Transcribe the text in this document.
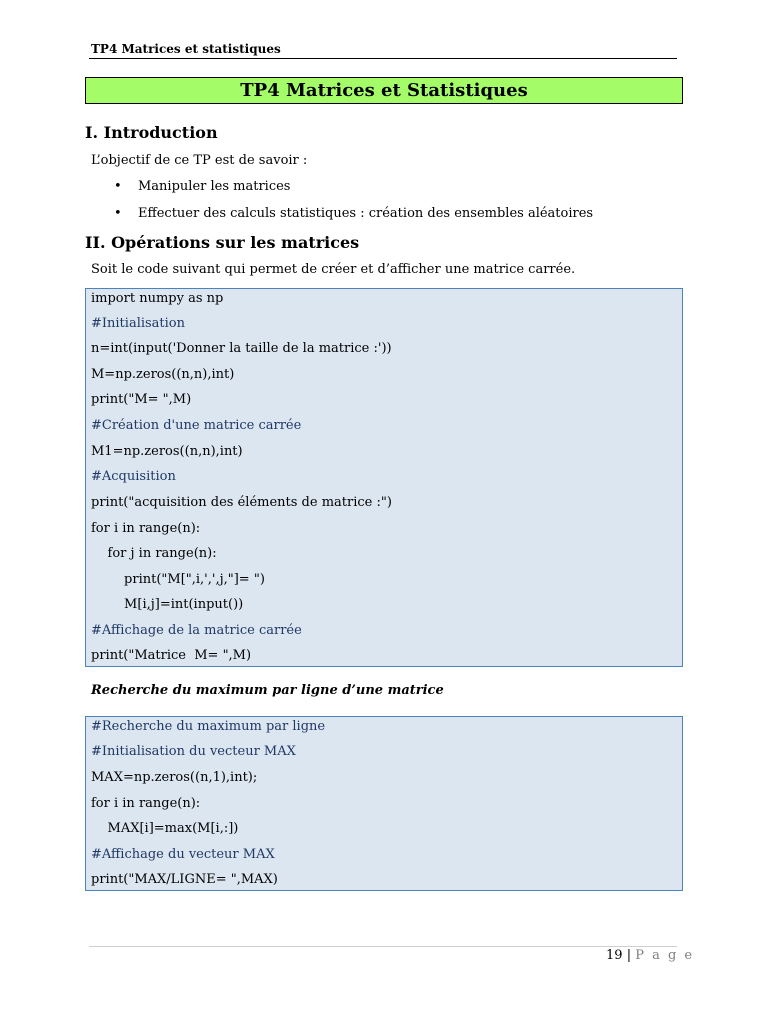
TP4 Matrices et statistiques
TP4 Matrices et Statistiques
I. Introduction
L’objectif de ce TP est de savoir :
• Manipuler les matrices
• Effectuer des calculs statistiques : création des ensembles aléatoires
II. Opérations sur les matrices
Soit le code suivant qui permet de créer et d’afficher une matrice carrée.
import numpy as np
#Initialisation
n=int(input('Donner la taille de la matrice :'))
M=np.zeros((n,n),int)
print("M= ",M)
#Création d'une matrice carrée
M1=np.zeros((n,n),int)
#Acquisition
print("acquisition des éléments de matrice :")
for i in range(n):
for j in range(n):
print("M[",i,',',j,"]= ")
M[i,j]=int(input())
#Affichage de la matrice carrée
print("Matrice  M= ",M)
Recherche du maximum par ligne d’une matrice
#Recherche du maximum par ligne
#Initialisation du vecteur MAX
MAX=np.zeros((n,1),int);
for i in range(n):
MAX[i]=max(M[i,:])
#Affichage du vecteur MAX
print("MAX/LIGNE= ",MAX)
19 | P a g e
